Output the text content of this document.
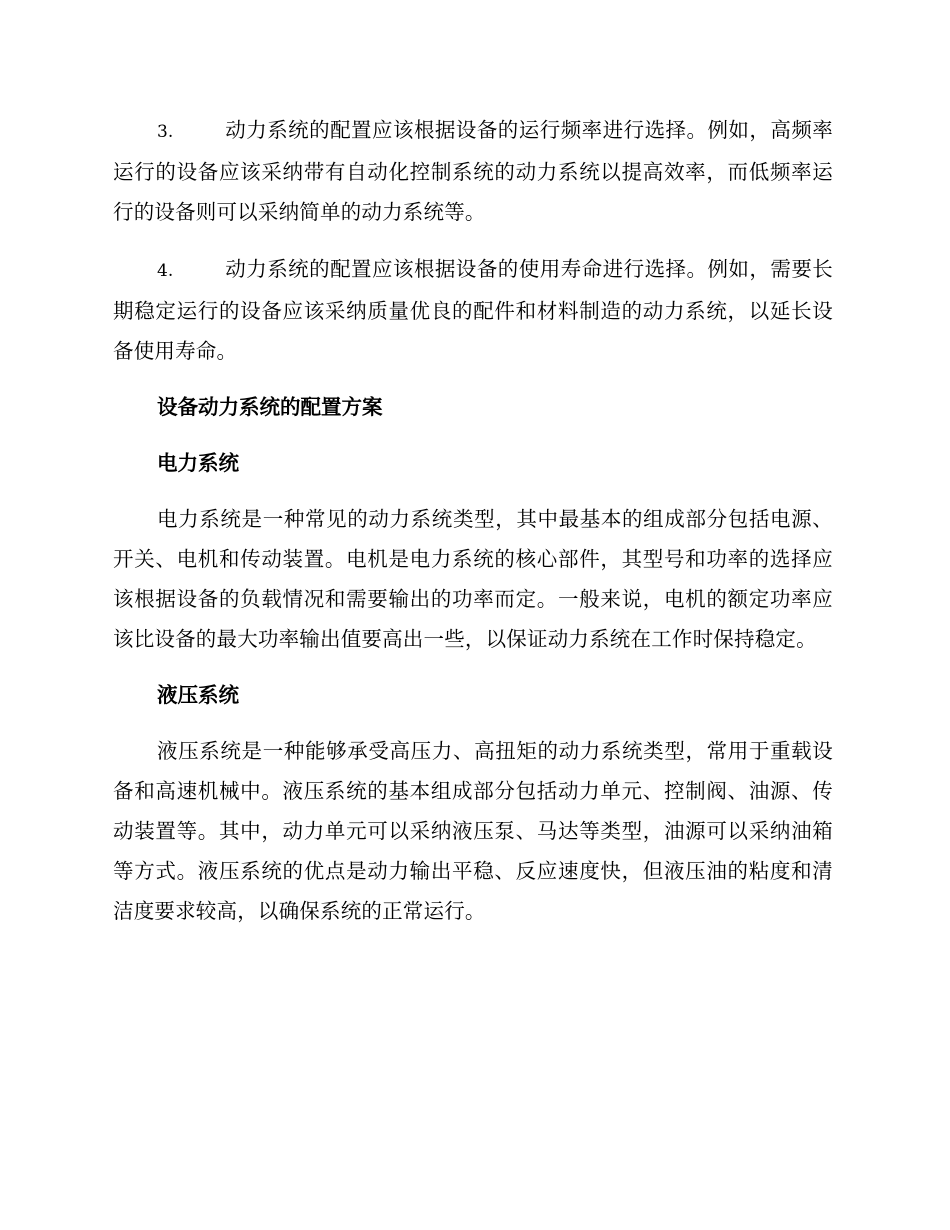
3.	动力系统的配置应该根据设备的运行频率进行选择。例如，高频率运行的设备应该采纳带有自动化控制系统的动力系统以提高效率，而低频率运行的设备则可以采纳简单的动力系统等。

4.	动力系统的配置应该根据设备的使用寿命进行选择。例如，需要长期稳定运行的设备应该采纳质量优良的配件和材料制造的动力系统，以延长设备使用寿命。

设备动力系统的配置方案
电力系统

电力系统是一种常见的动力系统类型，其中最基本的组成部分包括电源、开关、电机和传动装置。电机是电力系统的核心部件，其型号和功率的选择应该根据设备的负载情况和需要输出的功率而定。一般来说，电机的额定功率应该比设备的最大功率输出值要高出一些，以保证动力系统在工作时保持稳定。

液压系统

液压系统是一种能够承受高压力、高扭矩的动力系统类型，常用于重载设备和高速机械中。液压系统的基本组成部分包括动力单元、控制阀、油源、传动装置等。其中，动力单元可以采纳液压泵、马达等类型，油源可以采纳油箱等方式。液压系统的优点是动力输出平稳、反应速度快，但液压油的粘度和清洁度要求较高，以确保系统的正常运行。
